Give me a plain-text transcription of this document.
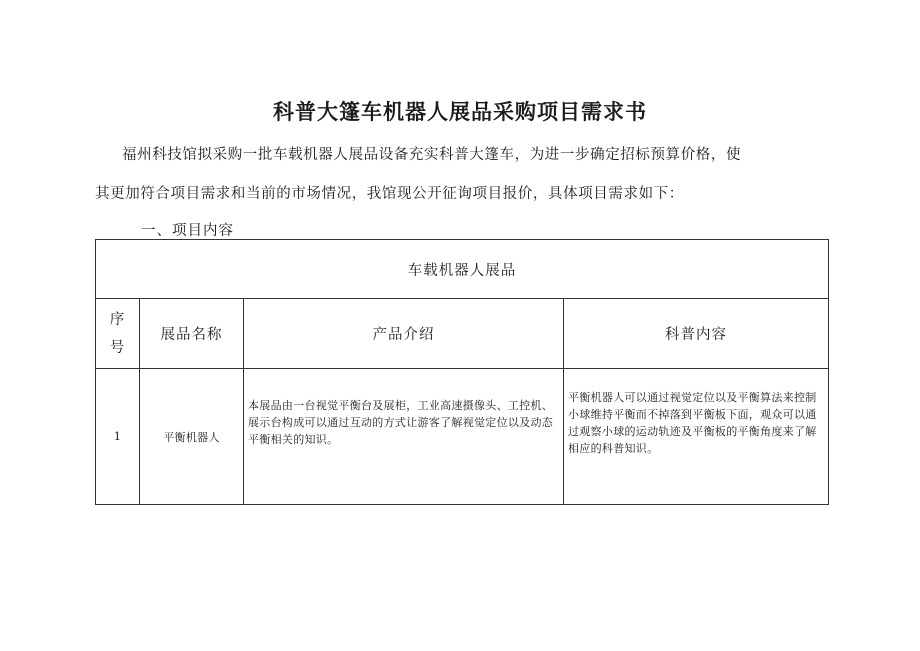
科普大篷车机器人展品采购项目需求书
福州科技馆拟采购一批车载机器人展品设备充实科普大篷车，为进一步确定招标预算价格，使
其更加符合项目需求和当前的市场情况，我馆现公开征询项目报价，具体项目需求如下：
一、项目内容
车载机器人展品			

序
号	展品名称	产品介绍	科普内容
1	平衡机器人	本展品由一台视觉平衡台及展柜，工业高速摄像头、工控机、展示台构成可以通过互动的方式让游客了解视觉定位以及动态平衡相关的知识。	平衡机器人可以通过视觉定位以及平衡算法来控制小球维持平衡而不掉落到平衡板下面，观众可以通过观察小球的运动轨迹及平衡板的平衡角度来了解相应的科普知识。
